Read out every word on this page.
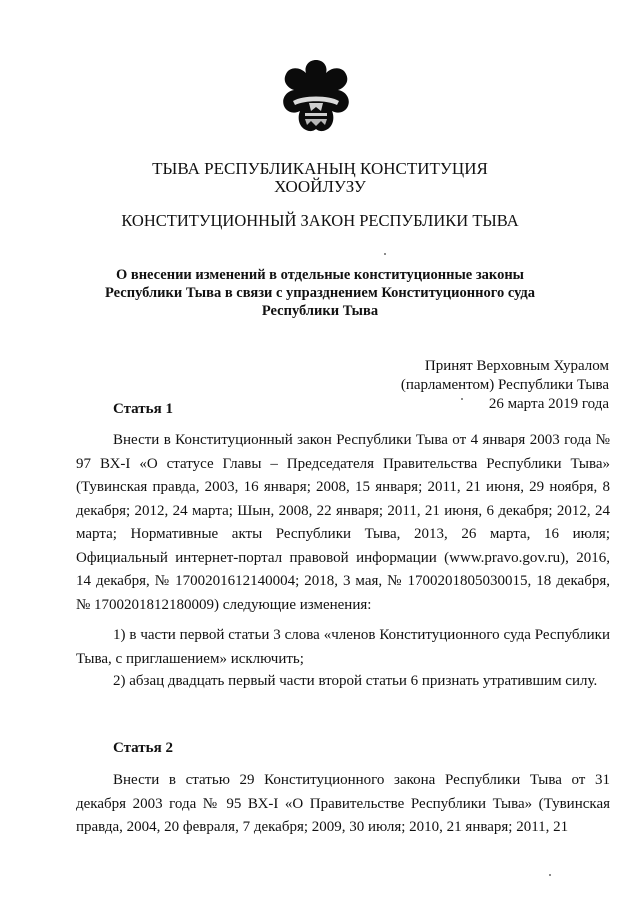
ТЫВА РЕСПУБЛИКАНЫҢ КОНСТИТУЦИЯ ХООЙЛУЗУ
КОНСТИТУЦИОННЫЙ ЗАКОН РЕСПУБЛИКИ ТЫВА
О внесении изменений в отдельные конституционные законы Республики Тыва в связи с упразднением Конституционного суда Республики Тыва
Принят Верховным Хуралом
(парламентом) Республики Тыва
26 марта 2019 года
Статья 1

Внести в Конституционный закон Республики Тыва от 4 января 2003 года № 97 ВХ-I «О статусе Главы – Председателя Правительства Республики Тыва» (Тувинская правда, 2003, 16 января; 2008, 15 января; 2011, 21 июня, 29 ноября, 8 декабря; 2012, 24 марта; Шын, 2008, 22 января; 2011, 21 июня, 6 декабря; 2012, 24 марта; Нормативные акты Республики Тыва, 2013, 26 марта, 16 июля; Официальный интернет-портал правовой информации (www.pravo.gov.ru), 2016, 14 декабря, № 1700201612140004; 2018, 3 мая, № 1700201805030015, 18 декабря, № 1700201812180009) следующие изменения:

1) в части первой статьи 3 слова «членов Конституционного суда Республики Тыва, с приглашением» исключить;

2) абзац двадцать первый части второй статьи 6 признать утратившим силу.

Статья 2

Внести в статью 29 Конституционного закона Республики Тыва от 31 декабря 2003 года № 95 ВХ-I «О Правительстве Республики Тыва» (Тувинская правда, 2004, 20 февраля, 7 декабря; 2009, 30 июля; 2010, 21 января; 2011, 21
